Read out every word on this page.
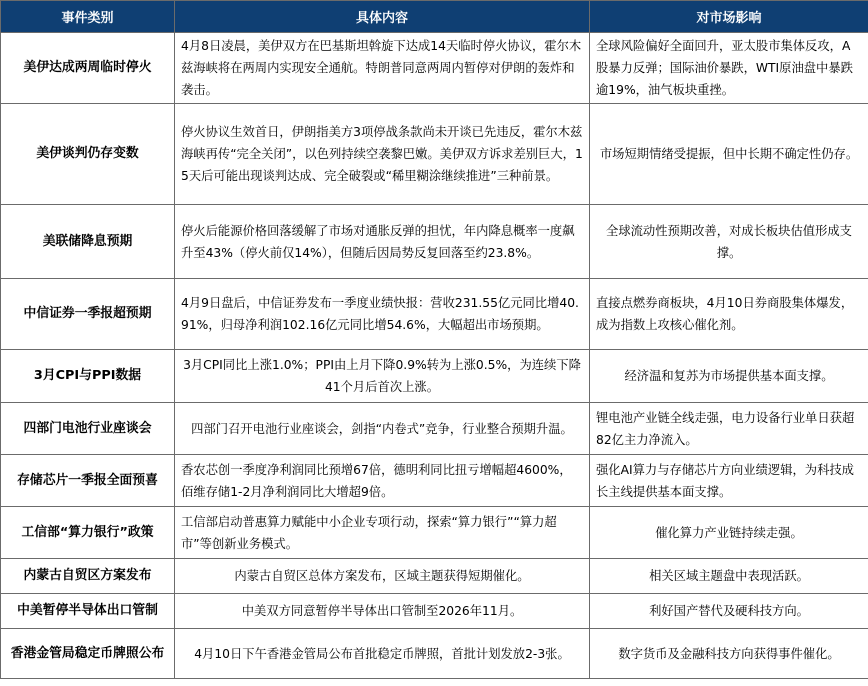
事件类别	具体内容	对市场影响
美伊达成两周临时停火	4月8日凌晨，美伊双方在巴基斯坦斡旋下达成14天临时停火协议，霍尔木兹海峡将在两周内实现安全通航。特朗普同意两周内暂停对伊朗的轰炸和袭击。	全球风险偏好全面回升，亚太股市集体反攻，A股暴力反弹；国际油价暴跌，WTI原油盘中暴跌逾19%，油气板块重挫。
美伊谈判仍存变数	停火协议生效首日，伊朗指美方3项停战条款尚未开谈已先违反，霍尔木兹海峡再传“完全关闭”，以色列持续空袭黎巴嫩。美伊双方诉求差别巨大，15天后可能出现谈判达成、完全破裂或“稀里糊涂继续推进”三种前景。	市场短期情绪受提振，但中长期不确定性仍存。
美联储降息预期	停火后能源价格回落缓解了市场对通胀反弹的担忧，年内降息概率一度飙升至43%（停火前仅14%），但随后因局势反复回落至约23.8%。	全球流动性预期改善，对成长板块估值形成支撑。
中信证券一季报超预期	4月9日盘后，中信证券发布一季度业绩快报：营收231.55亿元同比增40.91%，归母净利润102.16亿元同比增54.6%，大幅超出市场预期。	直接点燃券商板块，4月10日券商股集体爆发，成为指数上攻核心催化剂。
3月CPI与PPI数据	3月CPI同比上涨1.0%；PPI由上月下降0.9%转为上涨0.5%，为连续下降41个月后首次上涨。	经济温和复苏为市场提供基本面支撑。
四部门电池行业座谈会	四部门召开电池行业座谈会，剑指“内卷式”竞争，行业整合预期升温。	锂电池产业链全线走强，电力设备行业单日获超82亿主力净流入。
存储芯片一季报全面预喜	香农芯创一季度净利润同比预增67倍，德明利同比扭亏增幅超4600%，佰维存储1-2月净利润同比大增超9倍。	强化AI算力与存储芯片方向业绩逻辑，为科技成长主线提供基本面支撑。
工信部“算力银行”政策	工信部启动普惠算力赋能中小企业专项行动，探索“算力银行”“算力超市”等创新业务模式。	催化算力产业链持续走强。
内蒙古自贸区方案发布	内蒙古自贸区总体方案发布，区域主题获得短期催化。	相关区域主题盘中表现活跃。
中美暂停半导体出口管制	中美双方同意暂停半导体出口管制至2026年11月。	利好国产替代及硬科技方向。
香港金管局稳定币牌照公布	4月10日下午香港金管局公布首批稳定币牌照，首批计划发放2-3张。	数字货币及金融科技方向获得事件催化。
